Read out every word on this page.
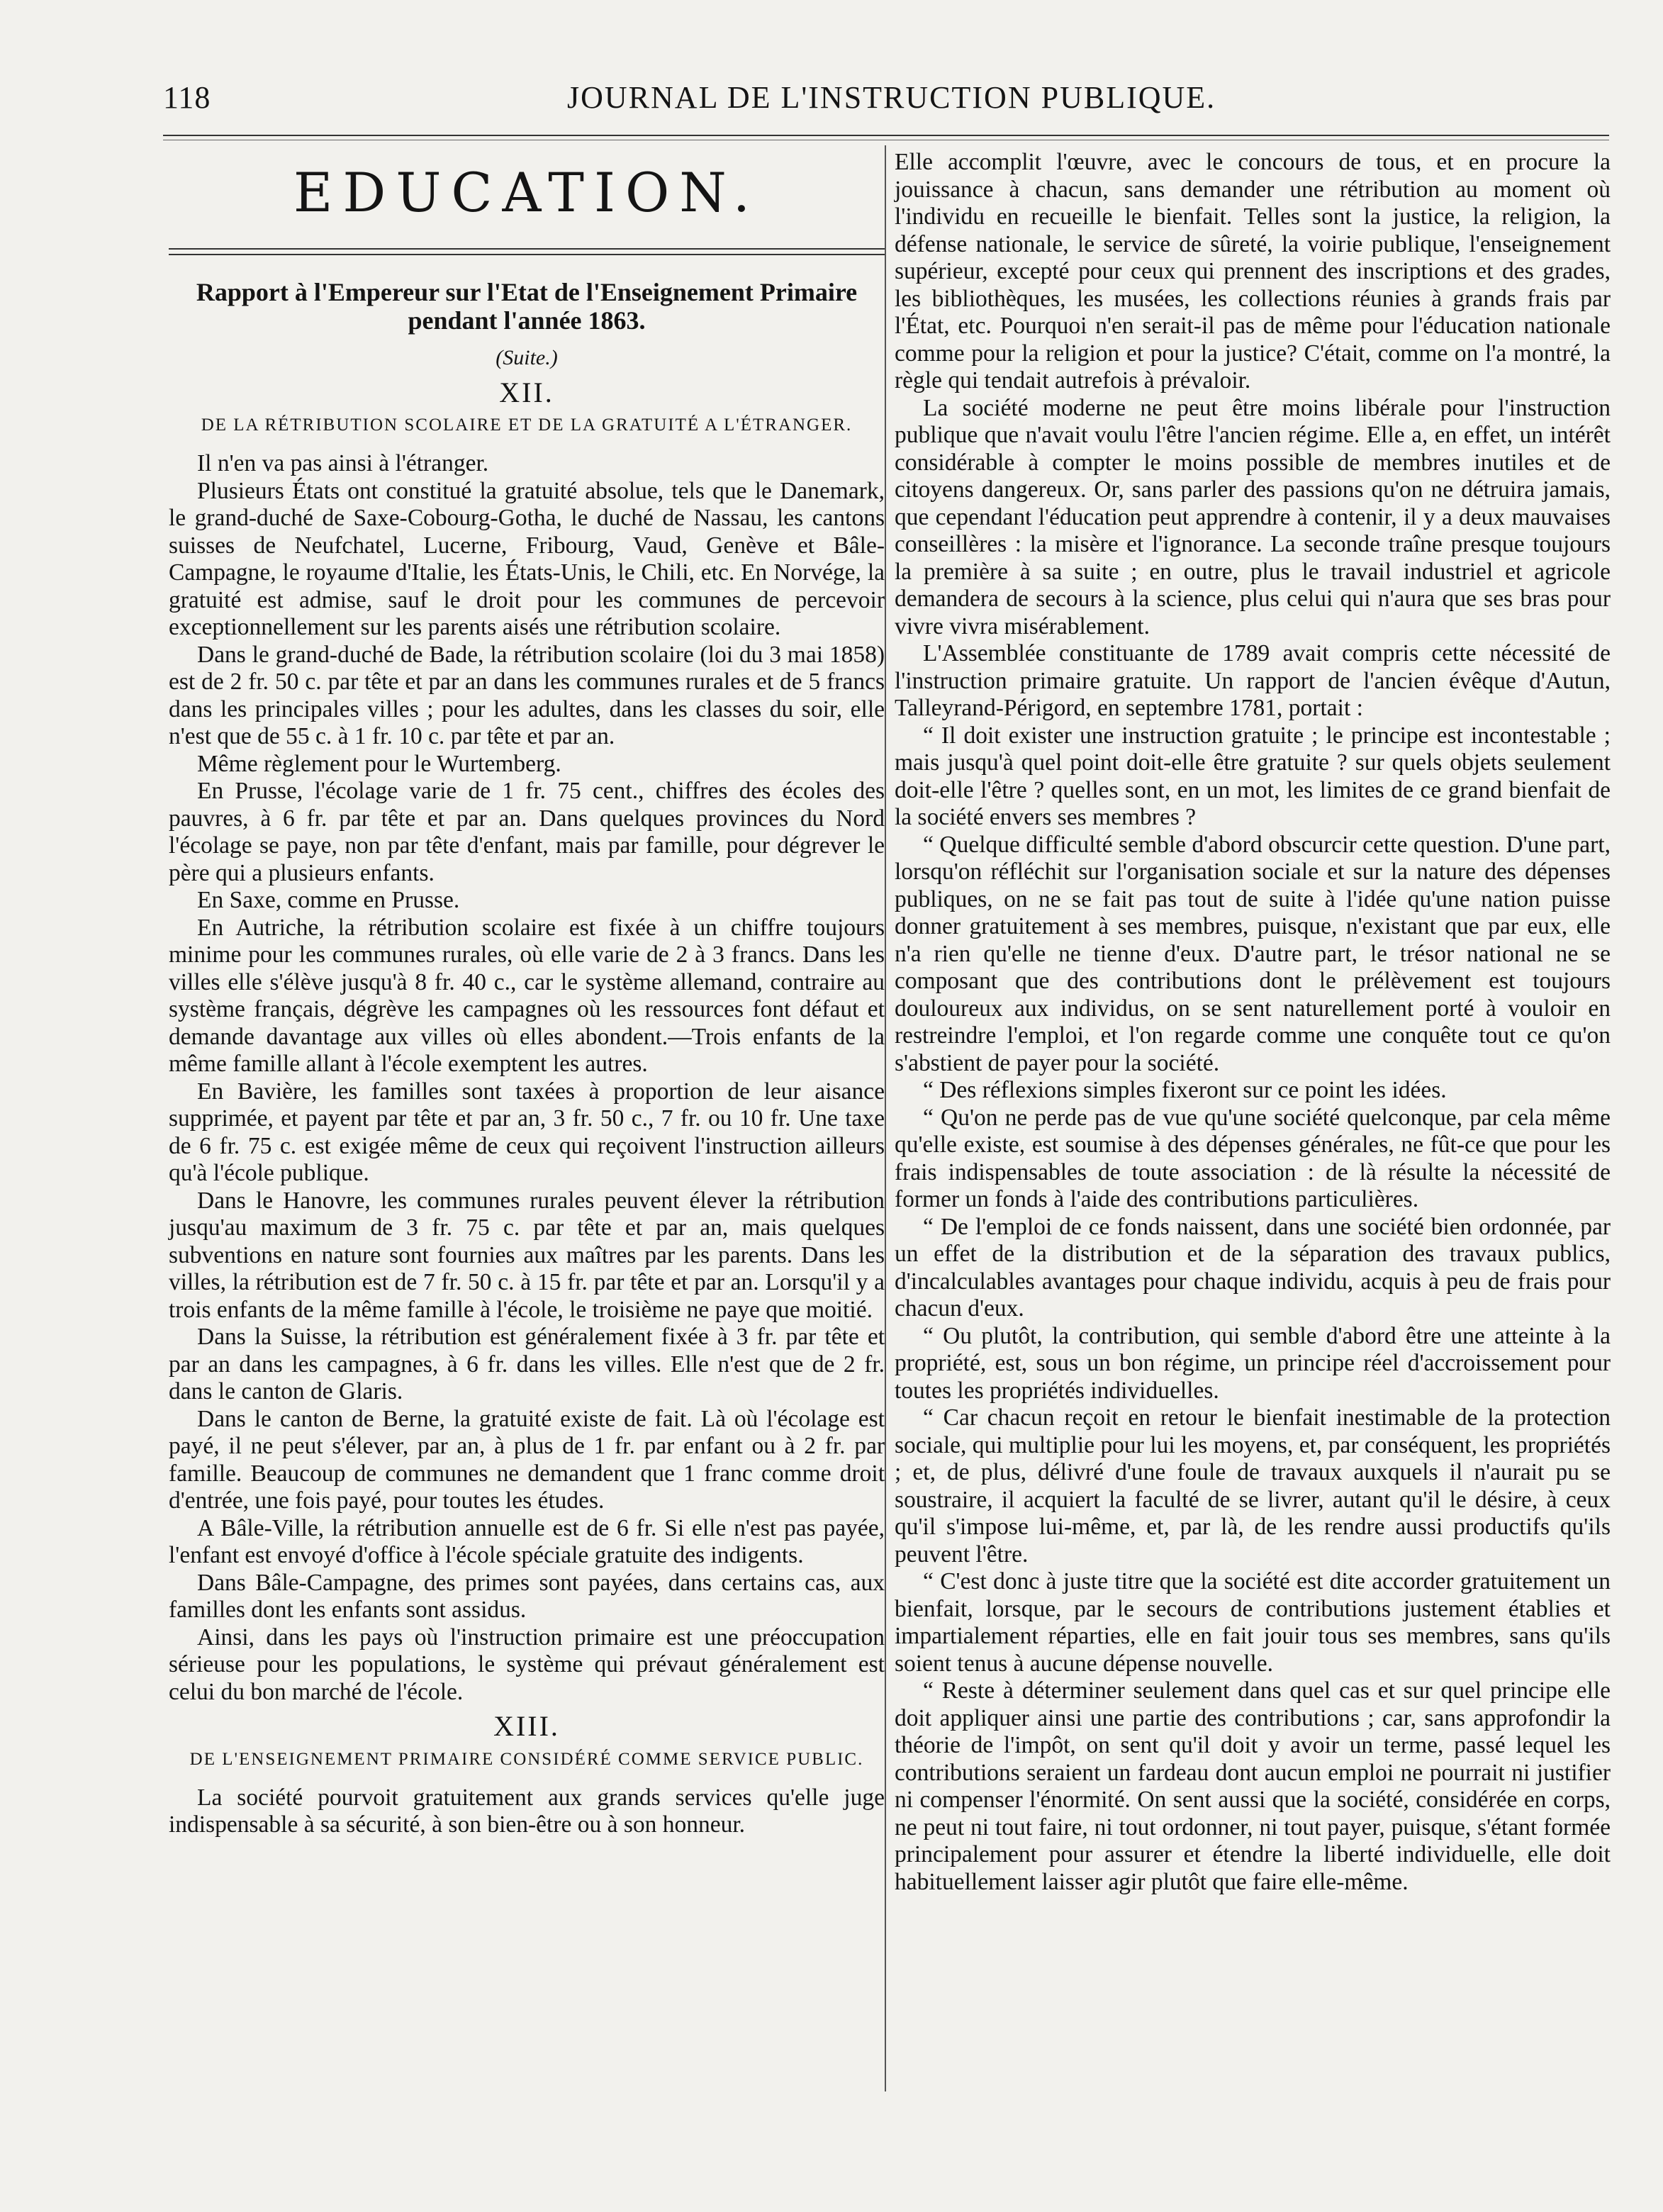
118	JOURNAL DE L'INSTRUCTION PUBLIQUE.
EDUCATION.
Rapport à l'Empereur sur l'Etat de l'Enseignement Primaire pendant l'année 1863.
(Suite.)
XII.
DE LA RÉTRIBUTION SCOLAIRE ET DE LA GRATUITÉ A L'ÉTRANGER.

Il n'en va pas ainsi à l'étranger.

Plusieurs États ont constitué la gratuité absolue, tels que le Danemark, le grand-duché de Saxe-Cobourg-Gotha, le duché de Nassau, les cantons suisses de Neufchatel, Lucerne, Fribourg, Vaud, Genève et Bâle-Campagne, le royaume d'Italie, les États-Unis, le Chili, etc. En Norvége, la gratuité est admise, sauf le droit pour les communes de percevoir exceptionnellement sur les parents aisés une rétribution scolaire.

Dans le grand-duché de Bade, la rétribution scolaire (loi du 3 mai 1858) est de 2 fr. 50 c. par tête et par an dans les communes rurales et de 5 francs dans les principales villes ; pour les adultes, dans les classes du soir, elle n'est que de 55 c. à 1 fr. 10 c. par tête et par an.

Même règlement pour le Wurtemberg.

En Prusse, l'écolage varie de 1 fr. 75 cent., chiffres des écoles des pauvres, à 6 fr. par tête et par an. Dans quelques provinces du Nord l'écolage se paye, non par tête d'enfant, mais par famille, pour dégrever le père qui a plusieurs enfants.

En Saxe, comme en Prusse.

En Autriche, la rétribution scolaire est fixée à un chiffre toujours minime pour les communes rurales, où elle varie de 2 à 3 francs. Dans les villes elle s'élève jusqu'à 8 fr. 40 c., car le système allemand, contraire au système français, dégrève les campagnes où les ressources font défaut et demande davantage aux villes où elles abondent.—Trois enfants de la même famille allant à l'école exemptent les autres.

En Bavière, les familles sont taxées à proportion de leur aisance supprimée, et payent par tête et par an, 3 fr. 50 c., 7 fr. ou 10 fr. Une taxe de 6 fr. 75 c. est exigée même de ceux qui reçoivent l'instruction ailleurs qu'à l'école publique.

Dans le Hanovre, les communes rurales peuvent élever la rétribution jusqu'au maximum de 3 fr. 75 c. par tête et par an, mais quelques subventions en nature sont fournies aux maîtres par les parents. Dans les villes, la rétribution est de 7 fr. 50 c. à 15 fr. par tête et par an. Lorsqu'il y a trois enfants de la même famille à l'école, le troisième ne paye que moitié.

Dans la Suisse, la rétribution est généralement fixée à 3 fr. par tête et par an dans les campagnes, à 6 fr. dans les villes. Elle n'est que de 2 fr. dans le canton de Glaris.

Dans le canton de Berne, la gratuité existe de fait. Là où l'écolage est payé, il ne peut s'élever, par an, à plus de 1 fr. par enfant ou à 2 fr. par famille. Beaucoup de communes ne demandent que 1 franc comme droit d'entrée, une fois payé, pour toutes les études.

A Bâle-Ville, la rétribution annuelle est de 6 fr. Si elle n'est pas payée, l'enfant est envoyé d'office à l'école spéciale gratuite des indigents.

Dans Bâle-Campagne, des primes sont payées, dans certains cas, aux familles dont les enfants sont assidus.

Ainsi, dans les pays où l'instruction primaire est une préoccupation sérieuse pour les populations, le système qui prévaut généralement est celui du bon marché de l'école.

XIII.
DE L'ENSEIGNEMENT PRIMAIRE CONSIDÉRÉ COMME SERVICE PUBLIC.

La société pourvoit gratuitement aux grands services qu'elle juge indispensable à sa sécurité, à son bien-être ou à son honneur.

Elle accomplit l'œuvre, avec le concours de tous, et en procure la jouissance à chacun, sans demander une rétribution au moment où l'individu en recueille le bienfait. Telles sont la justice, la religion, la défense nationale, le service de sûreté, la voirie publique, l'enseignement supérieur, excepté pour ceux qui prennent des inscriptions et des grades, les bibliothèques, les musées, les collections réunies à grands frais par l'État, etc. Pourquoi n'en serait-il pas de même pour l'éducation nationale comme pour la religion et pour la justice? C'était, comme on l'a montré, la règle qui tendait autrefois à prévaloir.

La société moderne ne peut être moins libérale pour l'instruction publique que n'avait voulu l'être l'ancien régime. Elle a, en effet, un intérêt considérable à compter le moins possible de membres inutiles et de citoyens dangereux. Or, sans parler des passions qu'on ne détruira jamais, que cependant l'éducation peut apprendre à contenir, il y a deux mauvaises conseillères : la misère et l'ignorance. La seconde traîne presque toujours la première à sa suite ; en outre, plus le travail industriel et agricole demandera de secours à la science, plus celui qui n'aura que ses bras pour vivre vivra misérablement.

L'Assemblée constituante de 1789 avait compris cette nécessité de l'instruction primaire gratuite. Un rapport de l'ancien évêque d'Autun, Talleyrand-Périgord, en septembre 1781, portait :

“ Il doit exister une instruction gratuite ; le principe est incontestable ; mais jusqu'à quel point doit-elle être gratuite ? sur quels objets seulement doit-elle l'être ? quelles sont, en un mot, les limites de ce grand bienfait de la société envers ses membres ?

“ Quelque difficulté semble d'abord obscurcir cette question. D'une part, lorsqu'on réfléchit sur l'organisation sociale et sur la nature des dépenses publiques, on ne se fait pas tout de suite à l'idée qu'une nation puisse donner gratuitement à ses membres, puisque, n'existant que par eux, elle n'a rien qu'elle ne tienne d'eux. D'autre part, le trésor national ne se composant que des contributions dont le prélèvement est toujours douloureux aux individus, on se sent naturellement porté à vouloir en restreindre l'emploi, et l'on regarde comme une conquête tout ce qu'on s'abstient de payer pour la société.

“ Des réflexions simples fixeront sur ce point les idées.

“ Qu'on ne perde pas de vue qu'une société quelconque, par cela même qu'elle existe, est soumise à des dépenses générales, ne fût-ce que pour les frais indispensables de toute association : de là résulte la nécessité de former un fonds à l'aide des contributions particulières.

“ De l'emploi de ce fonds naissent, dans une société bien ordonnée, par un effet de la distribution et de la séparation des travaux publics, d'incalculables avantages pour chaque individu, acquis à peu de frais pour chacun d'eux.

“ Ou plutôt, la contribution, qui semble d'abord être une atteinte à la propriété, est, sous un bon régime, un principe réel d'accroissement pour toutes les propriétés individuelles.

“ Car chacun reçoit en retour le bienfait inestimable de la protection sociale, qui multiplie pour lui les moyens, et, par conséquent, les propriétés ; et, de plus, délivré d'une foule de travaux auxquels il n'aurait pu se soustraire, il acquiert la faculté de se livrer, autant qu'il le désire, à ceux qu'il s'impose lui-même, et, par là, de les rendre aussi productifs qu'ils peuvent l'être.

“ C'est donc à juste titre que la société est dite accorder gratuitement un bienfait, lorsque, par le secours de contributions justement établies et impartialement réparties, elle en fait jouir tous ses membres, sans qu'ils soient tenus à aucune dépense nouvelle.

“ Reste à déterminer seulement dans quel cas et sur quel principe elle doit appliquer ainsi une partie des contributions ; car, sans approfondir la théorie de l'impôt, on sent qu'il doit y avoir un terme, passé lequel les contributions seraient un fardeau dont aucun emploi ne pourrait ni justifier ni compenser l'énormité. On sent aussi que la société, considérée en corps, ne peut ni tout faire, ni tout ordonner, ni tout payer, puisque, s'étant formée principalement pour assurer et étendre la liberté individuelle, elle doit habituellement laisser agir plutôt que faire elle-même.
